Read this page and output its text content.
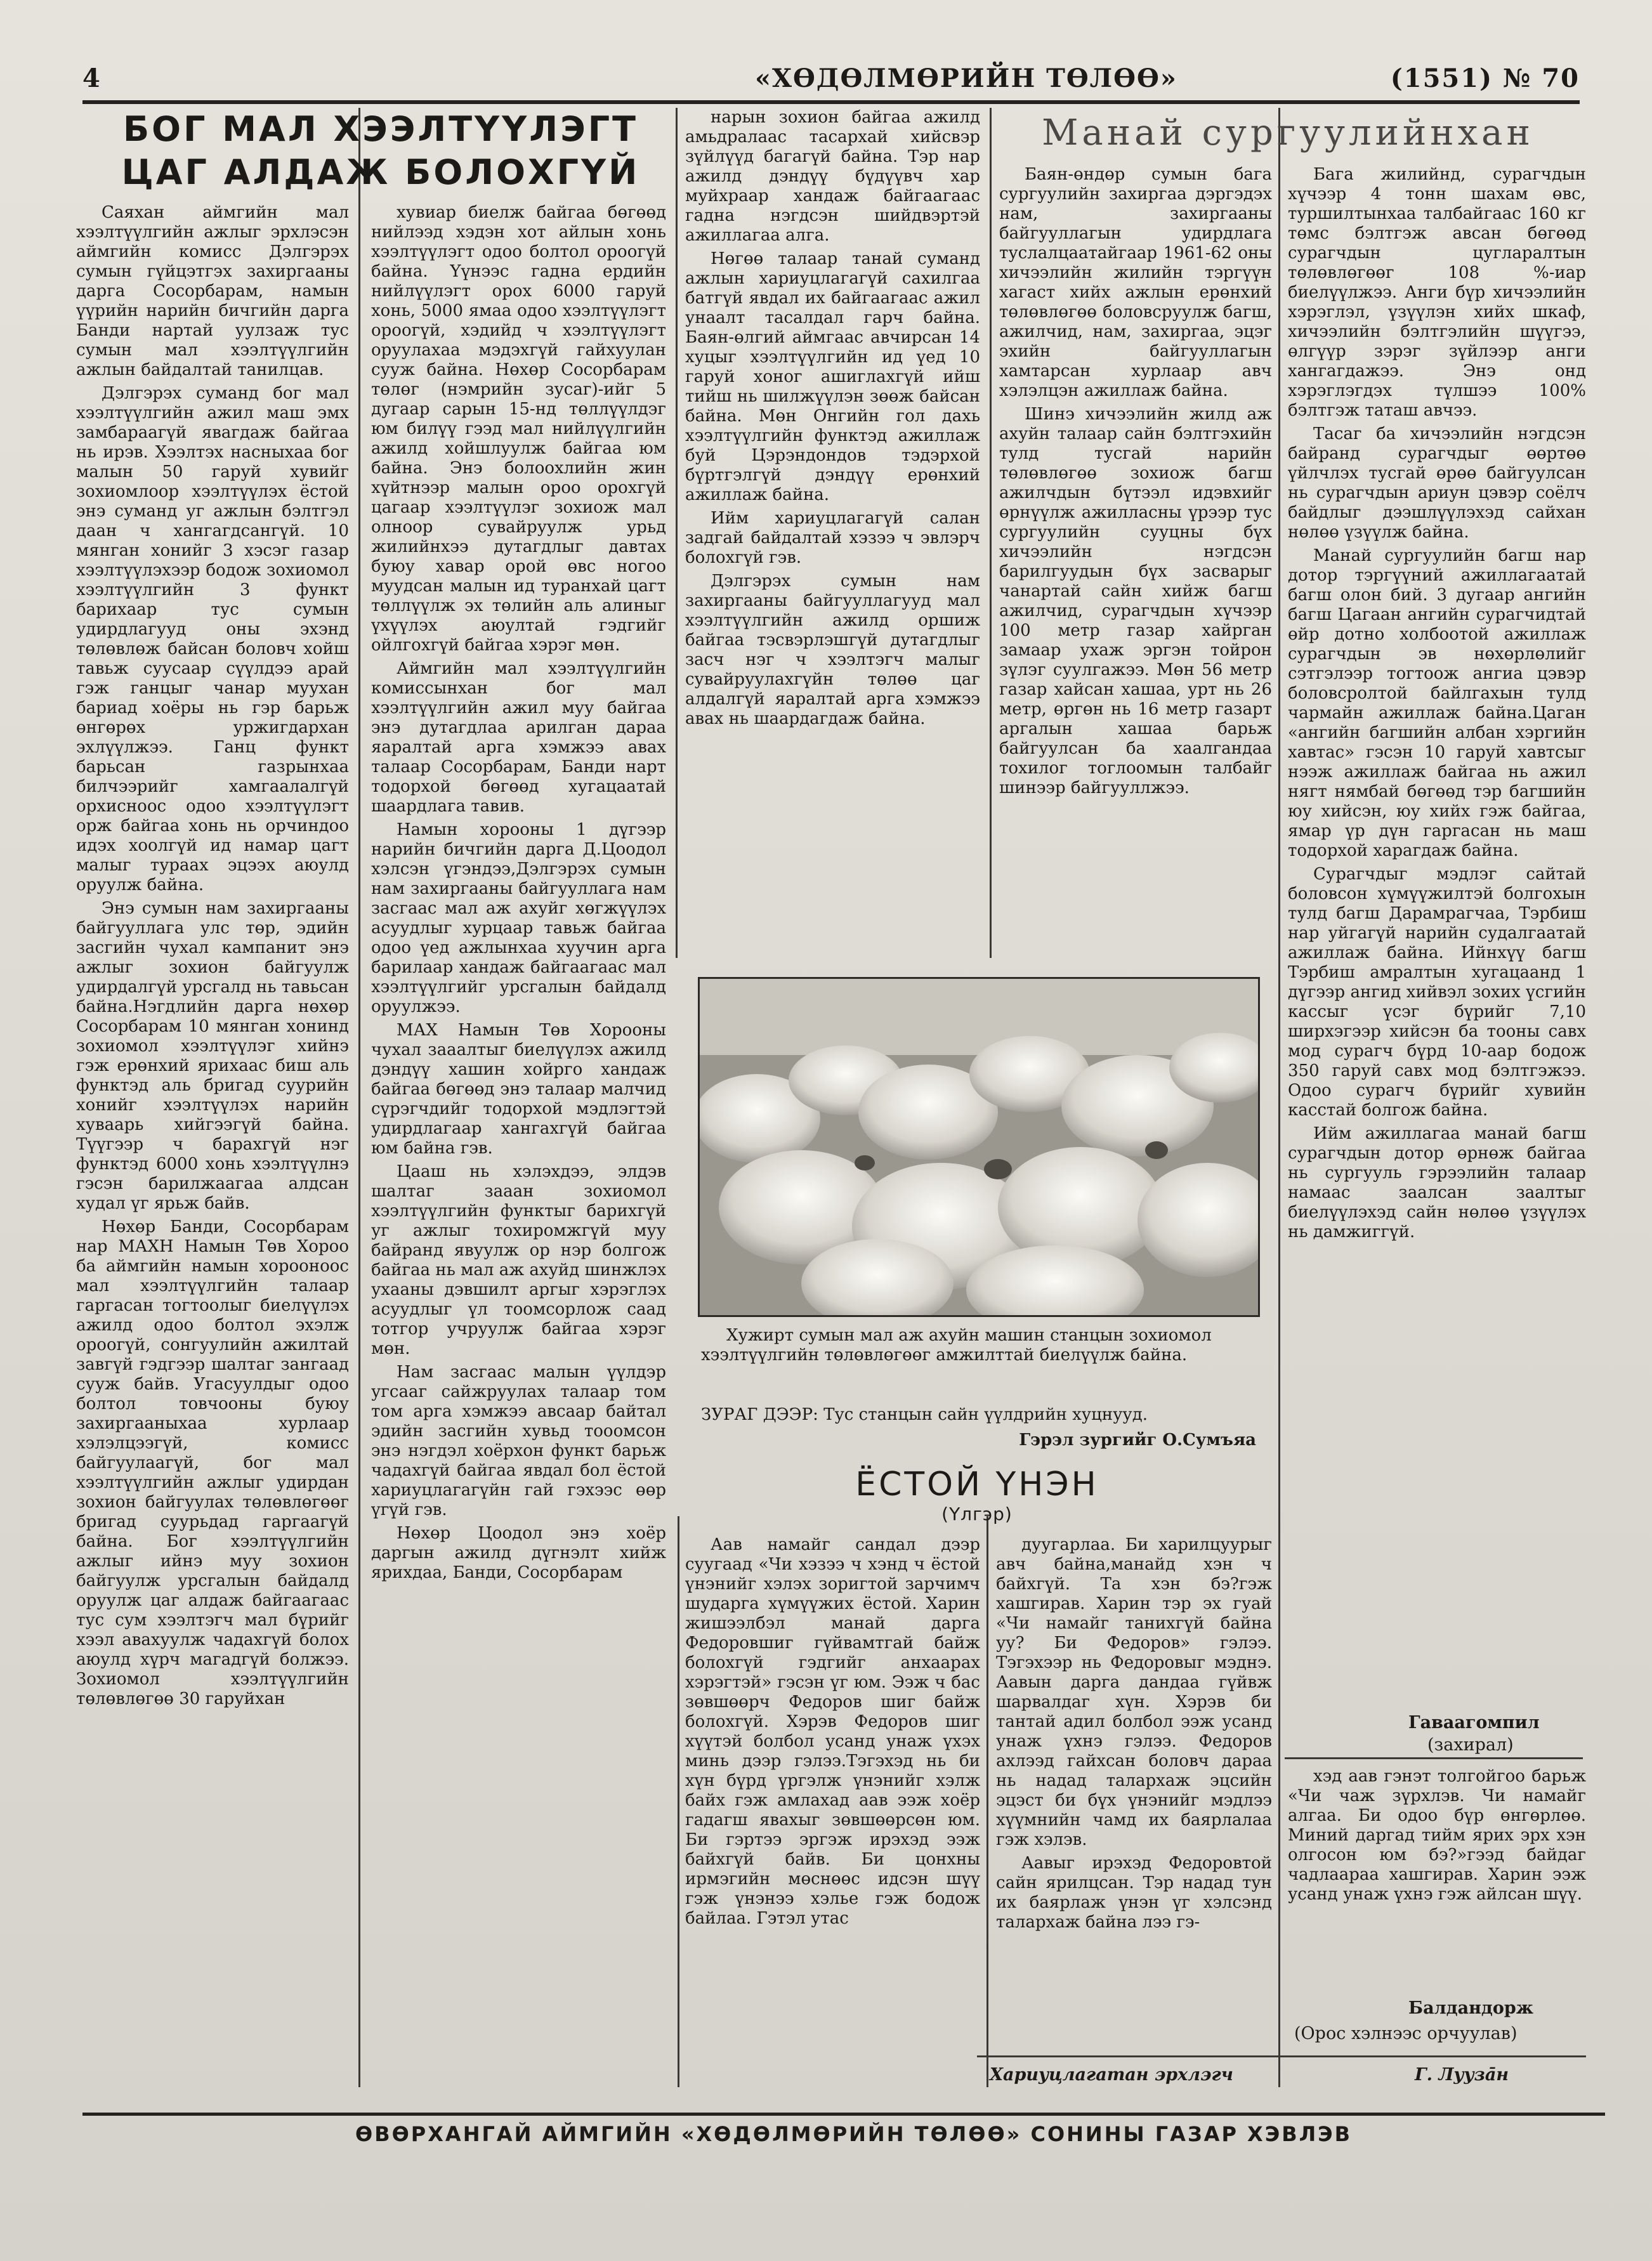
4	«ХӨДӨЛМӨРИЙН ТӨЛӨӨ»	(1551) № 70
БОГ МАЛ ХЭЭЛТҮҮЛЭГТ
ЦАГ АЛДАЖ БОЛОХГҮЙ

Саяхан аймгийн мал хээлтүүлгийн ажлыг эрхлэсэн аймгийн комисс Дэлгэрэх сумын гүйцэтгэх захиргааны дарга Сосорбарам, намын үүрийн нарийн бичгийн дарга Банди нартай уулзаж тус сумын мал хээлтүүлгийн ажлын байдалтай танилцав.

Дэлгэрэх суманд бог мал хээлтүүлгийн ажил маш эмх замбараагүй явагдаж байгаа нь ирэв. Хээлтэх насныхаа бог малын 50 гаруй хувийг зохиомлоор хээлтүүлэх ёстой энэ суманд уг ажлын бэлтгэл даан ч хангагдсангүй. 10 мянган хонийг 3 хэсэг газар хээлтүүлэхээр бодож зохиомол хээлтүүлгийн 3 функт барихаар тус сумын удирдлагууд оны эхэнд төлөвлөж байсан боловч хойш тавьж суусаар сүүлдээ арай гэж ганцыг чанар муухан бариад хоёры нь гэр барьж өнгөрөх уржигдархан эхлүүлжээ. Ганц функт барьсан газрынхаа билчээрийг хамгаалалгүй орхисноос одоо хээлтүүлэгт орж байгаа хонь нь орчиндоо идэх хоолгүй ид намар цагт малыг тураах эцээх аюулд оруулж байна.

Энэ сумын нам захиргааны байгууллага улс төр, эдийн засгийн чухал кампанит энэ ажлыг зохион байгуулж удирдалгүй урсгалд нь тавьсан байна.Нэгдлийн дарга нөхөр Сосорбарам 10 мянган хонинд зохиомол хээлтүүлэг хийнэ гэж ерөнхий ярихаас биш аль функтэд аль бригад суурийн хонийг хээлтүүлэх нарийн хуваарь хийгээгүй байна. Түүгээр ч барахгүй нэг функтэд 6000 хонь хээлтүүлнэ гэсэн барилжаагаа алдсан худал үг ярьж байв.

Нөхөр Банди, Сосорбарам нар МАХН Намын Төв Хороо ба аймгийн намын хорооноос мал хээлтүүлгийн талаар гаргасан тогтоолыг биелүүлэх ажилд одоо болтол эхэлж ороогүй, сонгуулийн ажилтай завгүй гэдгээр шалтаг зангаад сууж байв. Угасуулдыг одоо болтол товчооны буюу захиргааныхаа хурлаар хэлэлцээгүй, комисс байгуулаагүй, бог мал хээлтүүлгийн ажлыг удирдан зохион байгуулах төлөвлөгөөг бригад суурьдад гаргаагүй байна. Бог хээлтүүлгийн ажлыг ийнэ муу зохион байгуулж урсгалын байдалд оруулж цаг алдаж байгаагаас тус сум хээлтэгч мал бүрийг хээл авахуулж чадахгүй болох аюулд хүрч магадгүй болжээ. Зохиомол хээлтүүлгийн төлөвлөгөө 30 гаруйхан

хувиар биелж байгаа бөгөөд нийлээд хэдэн хот айлын хонь хээлтүүлэгт одоо болтол ороогүй байна. Үүнээс гадна ердийн нийлүүлэгт орох 6000 гаруй хонь, 5000 ямаа одоо хээлтүүлэгт ороогүй, хэдийд ч хээлтүүлэгт оруулахаа мэдэхгүй гайхуулан сууж байна. Нөхөр Сосорбарам төлөг (нэмрийн зусаг)-ийг 5 дугаар сарын 15-нд төллүүлдэг юм билүү гээд мал нийлүүлгийн ажилд хойшлуулж байгаа юм байна. Энэ болоохлийн жин хүйтнээр малын ороо орохгүй цагаар хээлтүүлэг зохиож мал олноор сувайруулж урьд жилийнхээ дутагдлыг давтах буюу хавар орой өвс ногоо муудсан малын ид туранхай цагт төллүүлж эх төлийн аль алиныг үхүүлэх аюултай гэдгийг ойлгохгүй байгаа хэрэг мөн.

Аймгийн мал хээлтүүлгийн комиссынхан бог мал хээлтүүлгийн ажил муу байгаа энэ дутагдлаа арилган дараа яаралтай арга хэмжээ авах талаар Сосорбарам, Банди нарт тодорхой бөгөөд хугацаатай шаардлага тавив.

Намын хорооны 1 дүгээр нарийн бичгийн дарга Д.Цоодол хэлсэн үгэндээ,Дэлгэрэх сумын нам захиргааны байгууллага нам засгаас мал аж ахуйг хөгжүүлэх асуудлыг хурцаар тавьж байгаа одоо үед ажлынхаа хуучин арга барилаар хандаж байгаагаас мал хээлтүүлгийг урсгалын байдалд оруулжээ.

МАХ Намын Төв Хорооны чухал зааалтыг биелүүлэх ажилд дэндүү хашин хойрго хандаж байгаа бөгөөд энэ талаар малчид сүрэгчдийг тодорхой мэдлэгтэй удирдлагаар хангахгүй байгаа юм байна гэв.

Цааш нь хэлэхдээ, элдэв шалтаг зааан зохиомол хээлтүүлгийн функтыг барихгүй уг ажлыг тохиромжгүй муу байранд явуулж ор нэр болгож байгаа нь мал аж ахуйд шинжлэх ухааны дэвшилт аргыг хэрэглэх асуудлыг үл тоомсорлож саад тотгор учруулж байгаа хэрэг мөн.

Нам засгаас малын үүлдэр угсааг сайжруулах талаар том том арга хэмжээ авсаар байтал эдийн засгийн хувьд тооомсон энэ нэгдэл хоёрхон функт барьж чадахгүй байгаа явдал бол ёстой хариуцлагагүйн гай гэхээс өөр үгүй гэв.

Нөхөр Цоодол энэ хоёр даргын ажилд дүгнэлт хийж ярихдаа, Банди, Сосорбарам

нарын зохион байгаа ажилд амьдралаас тасархай хийсвэр зүйлүүд багагүй байна. Тэр нар ажилд дэндүү бүдүүвч хар муйхраар хандаж байгаагаас гадна нэгдсэн шийдвэртэй ажиллагаа алга.

Нөгөө талаар танай суманд ажлын хариуцлагагүй сахилгаа батгүй явдал их байгаагаас ажил унаалт тасалдал гарч байна. Баян-өлгий аймгаас авчирсан 14 хуцыг хээлтүүлгийн ид үед 10 гаруй хоног ашиглахгүй ийш тийш нь шилжүүлэн зөөж байсан байна. Мөн Онгийн гол дахь хээлтүүлгийн функтэд ажиллаж буй Цэрэндондов тэдэрхой бүртгэлгүй дэндүү ерөнхий ажиллаж байна.

Ийм хариуцлагагүй салан задгай байдалтай хэзээ ч эвлэрч болохгүй гэв.

Дэлгэрэх сумын нам захиргааны байгууллагууд мал хээлтүүлгийн ажилд оршиж байгаа тэсвэрлэшгүй дутагдлыг засч нэг ч хээлтэгч малыг сувайруулахгүйн төлөө цаг алдалгүй яаралтай арга хэмжээ авах нь шаардагдаж байна.

Манай сургуулийнхан

Баян-өндөр сумын бага сургуулийн захиргаа дэргэдэх нам, захиргааны байгууллагын удирдлага туслалцаатайгаар 1961-62 оны хичээлийн жилийн тэргүүн хагаст хийх ажлын ерөнхий төлөвлөгөө боловсруулж багш, ажилчид, нам, захиргаа, эцэг эхийн байгууллагын хамтарсан хурлаар авч хэлэлцэн ажиллаж байна.

Шинэ хичээлийн жилд аж ахуйн талаар сайн бэлтгэхийн тулд тусгай нарийн төлөвлөгөө зохиож багш ажилчдын бүтээл идэвхийг өрнүүлж ажилласны үрээр тус сургуулийн сууцны бүх хичээлийн нэгдсэн барилгуудын бүх засварыг чанартай сайн хийж багш ажилчид, сурагчдын хүчээр 100 метр газар хайрган замаар ухаж эргэн тойрон зүлэг суулгажээ. Мөн 56 метр газар хайсан хашаа, урт нь 26 метр, өргөн нь 16 метр газарт аргалын хашаа барьж байгуулсан ба хаалгандаа тохилог тоглоомын талбайг шинээр байгууллжээ.

Бага жилийнд, сурагчдын хүчээр 4 тонн шахам өвс, туршилтынхаа талбайгаас 160 кг төмс бэлтгэж авсан бөгөөд сурагчдын цугларалтын төлөвлөгөөг 108 %-иар биелүүлжээ. Анги бүр хичээлийн хэрэглэл, үзүүлэн хийх шкаф, хичээлийн бэлтгэлийн шүүгээ, өлгүүр зэрэг зүйлээр анги хангагдажээ. Энэ онд хэрэглэгдэх түлшээ 100% бэлтгэж таташ авчээ.

Тасаг ба хичээлийн нэгдсэн байранд сурагчдыг өөртөө үйлчлэх тусгай өрөө байгуулсан нь сурагчдын ариун цэвэр соёлч байдлыг дээшлүүлэхэд сайхан нөлөө үзүүлж байна.

Манай сургуулийн багш нар дотор тэргүүний ажиллагаатай багш олон бий. 3 дугаар ангийн багш Цагаан ангийн сурагчидтай өйр дотно холбоотой ажиллаж сурагчдын эв нөхөрлөлийг сэтгэлээр тогтоож ангиа цэвэр боловсролтой байлгахын тулд чармайн ажиллаж байна.Цаган «ангийн багшийн албан хэргийн хавтас» гэсэн 10 гаруй хавтсыг нээж ажиллаж байгаа нь ажил нягт нямбай бөгөөд тэр багшийн юу хийсэн, юу хийх гэж байгаа, ямар үр дүн гаргасан нь маш тодорхой харагдаж байна.

Сурагчдыг мэдлэг сайтай боловсон хүмүүжилтэй болгохын тулд багш Дарамрагчаа, Тэрбиш нар уйгагүй нарийн судалгаатай ажиллаж байна. Ийнхүү багш Тэрбиш амралтын хугацаанд 1 дүгээр ангид хийвэл зохих үсгийн кассыг үсэг бүрийг 7,10 ширхэгээр хийсэн ба тооны савх мод сурагч бүрд 10-аар бодож 350 гаруй савх мод бэлтгэжээ. Одоо сурагч бүрийг хувийн касстай болгож байна.

Ийм ажиллагаа манай багш сурагчдын дотор өрнөж байгаа нь сургууль гэрээлийн талаар намаас заалсан заалтыг биелүүлэхэд сайн нөлөө үзүүлэх нь дамжиггүй.

Гаваагомпил
(захирал)
Хужирт сумын мал аж ахуйн машин станцын зохиомол хээлтүүлгийн төлөвлөгөөг амжилттай биелүүлж байна.
ЗУРАГ ДЭЭР: Тус станцын сайн үүлдрийн хуцнууд.
Гэрэл зургийг О.Сумъяа
ЁСТОЙ ҮНЭН
(Үлгэр)

Аав намайг сандал дээр суугаад «Чи хэзээ ч хэнд ч ёстой үнэнийг хэлэх зоригтой зарчимч шударга хүмүүжих ёстой. Харин жишээлбэл манай дарга Федоровшиг гүйвамтгай байж болохгүй гэдгийг анхаарах хэрэгтэй» гэсэн үг юм. Ээж ч бас зөвшөөрч Федоров шиг байж болохгүй. Хэрэв Федоров шиг хүүтэй болбол усанд унаж үхэх минь дээр гэлээ.Тэгэхэд нь би хүн бүрд үргэлж үнэнийг хэлж байх гэж амлахад аав ээж хоёр гадагш явахыг зөвшөөрсөн юм. Би гэртээ эргэж ирэхэд ээж байхгүй байв. Би цонхны ирмэгийн мөснөөс идсэн шүү гэж үнэнээ хэлье гэж бодож байлаа. Гэтэл утас

дуугарлаа. Би харилцуурыг авч байна,манайд хэн ч байхгүй. Та хэн бэ?гэж хашгирав. Харин тэр эх гуай «Чи намайг танихгүй байна уу? Би Федоров» гэлээ. Тэгэхээр нь Федоровыг мэднэ. Аавын дарга дандаа гүйвж шарвалдаг хүн. Хэрэв би тантай адил болбол ээж усанд унаж үхнэ гэлээ. Федоров ахлээд гайхсан боловч дараа нь надад талархаж эцсийн эцэст би бүх үнэнийг мэдлээ хүүмнийн чамд их баярлалаа гэж хэлэв.

Аавыг ирэхэд Федоровтой сайн ярилцсан. Тэр надад тун их баярлаж үнэн үг хэлсэнд талархаж байна лээ гэ-

хэд аав гэнэт толгойгоо барьж «Чи чаж зүрхлэв. Чи намайг алгаа. Би одоо бүр өнгөрлөө. Миний даргад тийм ярих эрх хэн олгосон юм бэ?»гээд байдаг чадлаараа хашгирав. Харин ээж усанд унаж үхнэ гэж айлсан шүү.

Балдандорж
(Орос хэлнээс орчуулав)
Хариуцлагатан эрхлэгч	Г. Лууза̄н
ӨВӨРХАНГАЙ АЙМГИЙН «ХӨДӨЛМӨРИЙН ТӨЛӨӨ» СОНИНЫ ГАЗАР ХЭВЛЭВ
